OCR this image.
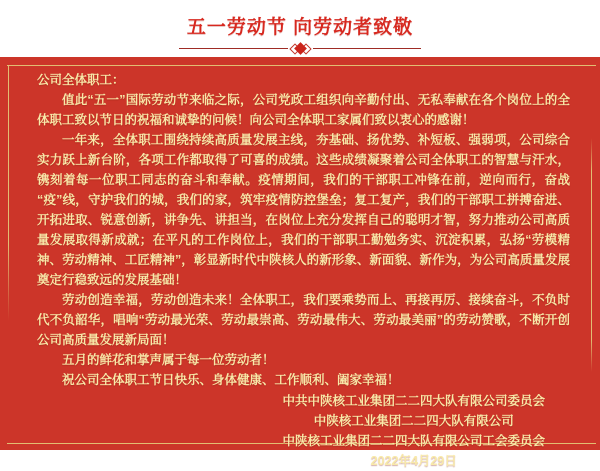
五一劳动节 向劳动者致敬

公司全体职工：

值此“五一”国际劳动节来临之际，公司党政工组织向辛勤付出、无私奉献在各个岗位上的全体职工致以节日的祝福和诚挚的问候！向公司全体职工家属们致以衷心的感谢！

一年来，全体职工围绕持续高质量发展主线，夯基础、扬优势、补短板、强弱项，公司综合实力跃上新台阶，各项工作都取得了可喜的成绩。这些成绩凝聚着公司全体职工的智慧与汗水，镌刻着每一位职工同志的奋斗和奉献。疫情期间，我们的干部职工冲锋在前，逆向而行，奋战“疫”线，守护我们的城，我们的家，筑牢疫情防控堡垒；复工复产，我们的干部职工拼搏奋进、开拓进取、锐意创新，讲争先、讲担当，在岗位上充分发挥自己的聪明才智，努力推动公司高质量发展取得新成就；在平凡的工作岗位上，我们的干部职工勤勉务实、沉淀积累，弘扬“劳模精神、劳动精神、工匠精神”，彰显新时代中陕核人的新形象、新面貌、新作为，为公司高质量发展奠定行稳致远的发展基础！

劳动创造幸福，劳动创造未来！全体职工，我们要乘势而上、再接再厉、接续奋斗，不负时代不负韶华，唱响“劳动最光荣、劳动最崇高、劳动最伟大、劳动最美丽”的劳动赞歌，不断开创公司高质量发展新局面！

五月的鲜花和掌声属于每一位劳动者！

祝公司全体职工节日快乐、身体健康、工作顺利、阖家幸福！

中共中陕核工业集团二二四大队有限公司委员会
中陕核工业集团二二四大队有限公司
中陕核工业集团二二四大队有限公司工会委员会
2022年4月29日
